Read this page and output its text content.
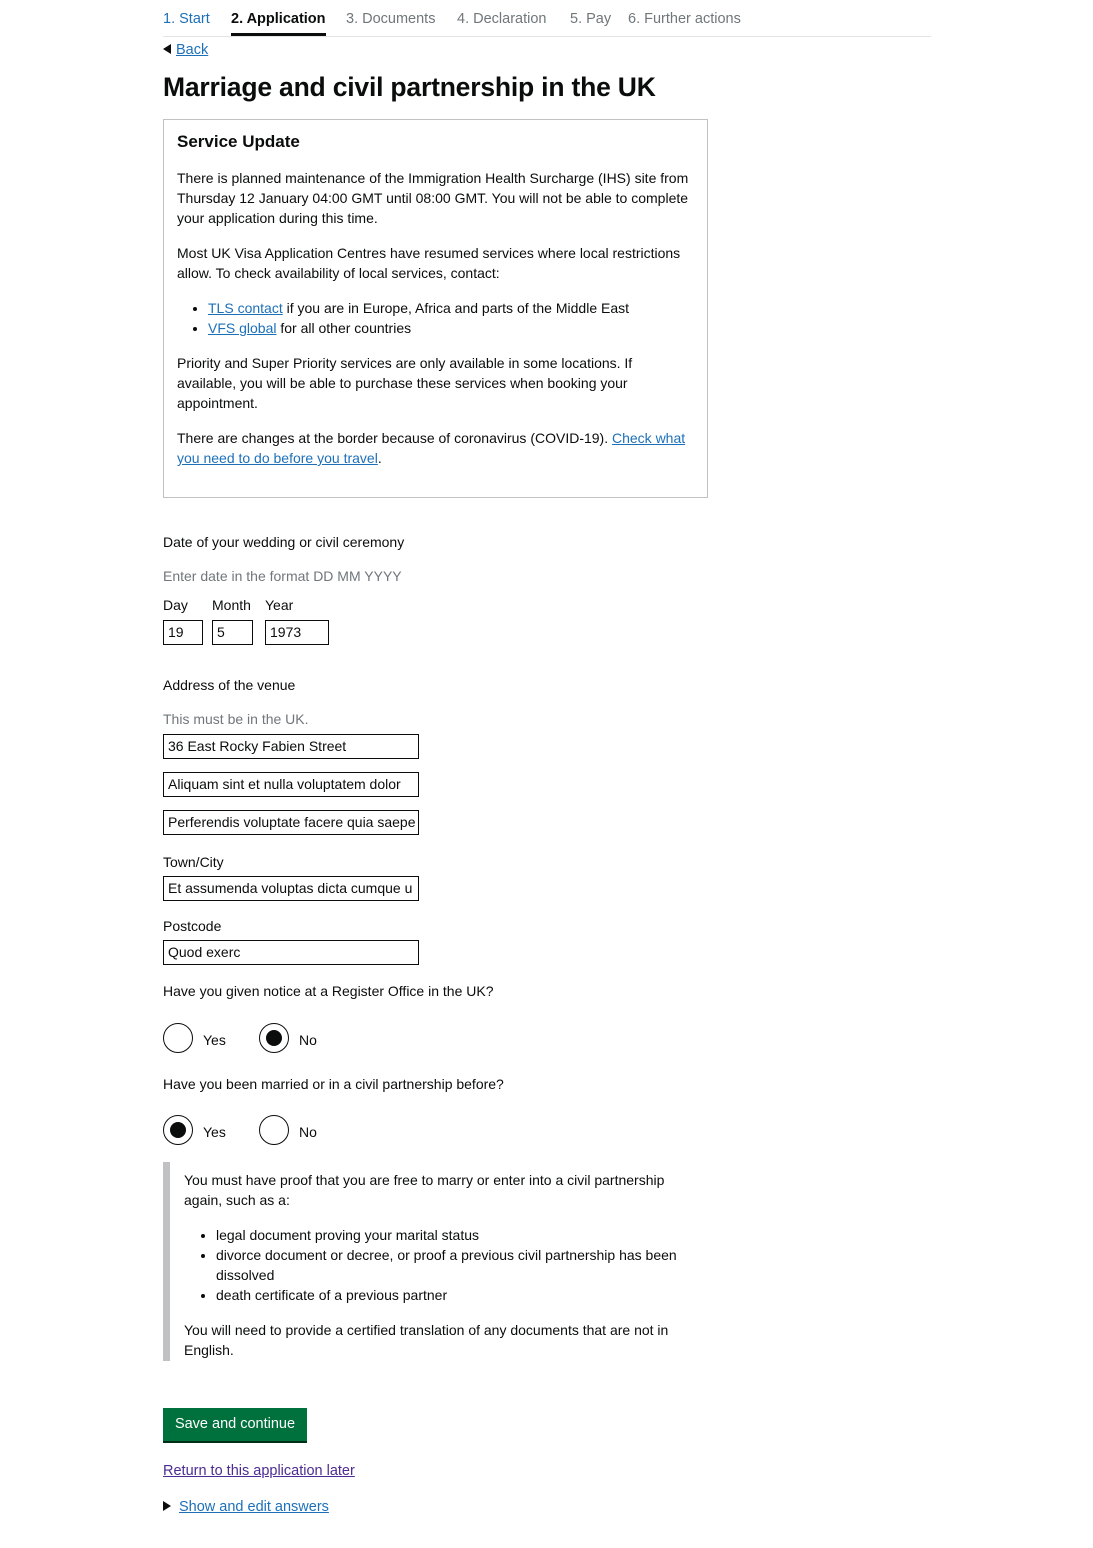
1. Start 2. Application 3. Documents 4. Declaration 5. Pay 6. Further actions
Back
Marriage and civil partnership in the UK
Service Update

There is planned maintenance of the Immigration Health Surcharge (IHS) site from Thursday 12 January 04:00 GMT until 08:00 GMT. You will not be able to complete your application during this time.

Most UK Visa Application Centres have resumed services where local restrictions allow. To check availability of local services, contact:

• TLS contact if you are in Europe, Africa and parts of the Middle East
• VFS global for all other countries

Priority and Super Priority services are only available in some locations. If available, you will be able to purchase these services when booking your appointment.

There are changes at the border because of coronavirus (COVID-19). Check what you need to do before you travel.

Date of your wedding or civil ceremony
Enter date in the format DD MM YYYY
Day Month Year
19	5	1973
Address of the venue
This must be in the UK.
36 East Rocky Fabien Street
Aliquam sint et nulla voluptatem dolor
Perferendis voluptate facere quia saepe
Town/City
Et assumenda voluptas dicta cumque u
Postcode
Quod exerc
Have you given notice at a Register Office in the UK?
Yes	No
Have you been married or in a civil partnership before?
Yes	No

You must have proof that you are free to marry or enter into a civil partnership again, such as a:

• legal document proving your marital status
• divorce document or decree, or proof a previous civil partnership has been dissolved
• death certificate of a previous partner

You will need to provide a certified translation of any documents that are not in English.

Save and continue
Return to this application later
Show and edit answers
